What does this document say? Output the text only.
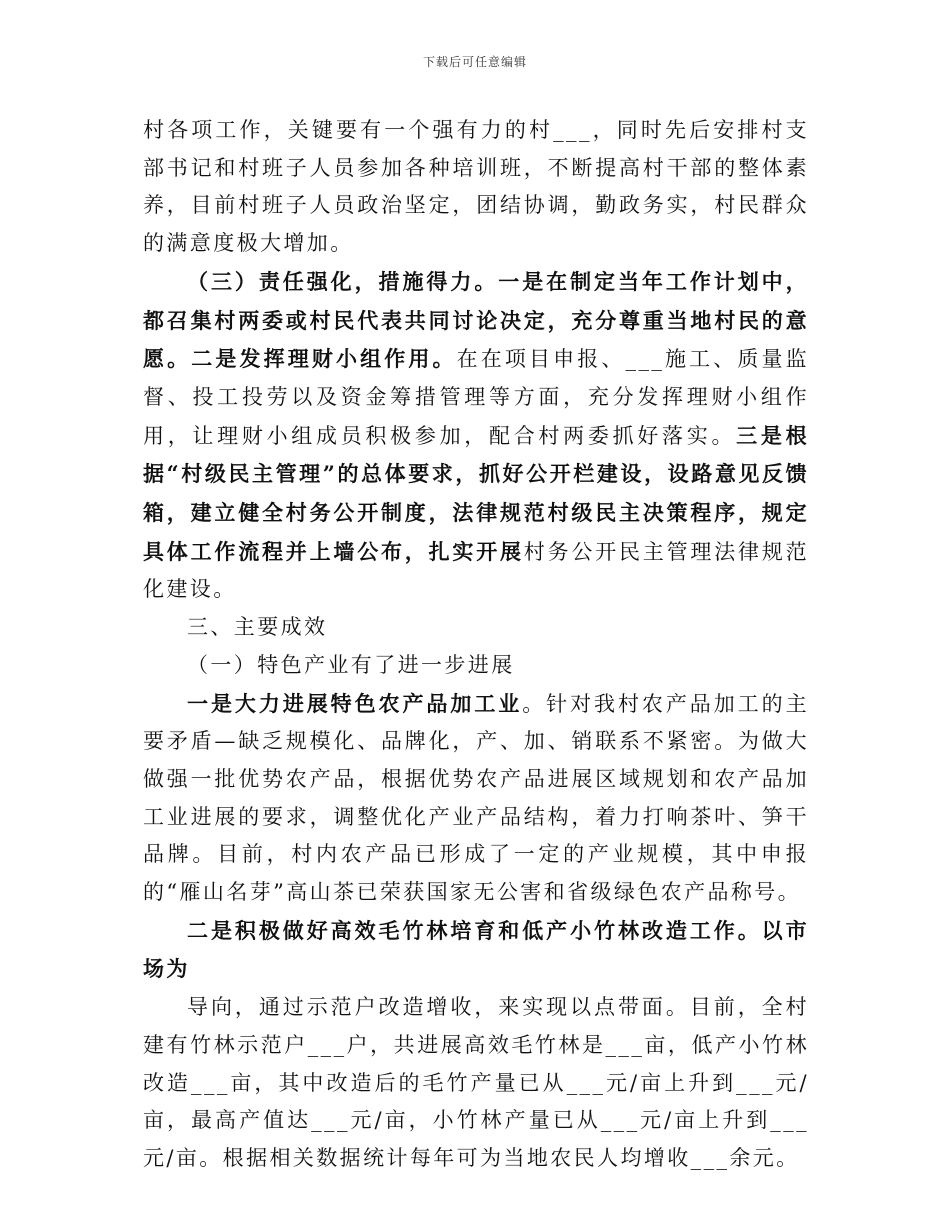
下载后可任意编辑

村各项工作，关键要有一个强有力的村___，同时先后安排村支部书记和村班子人员参加各种培训班，不断提高村干部的整体素养，目前村班子人员政治坚定，团结协调，勤政务实，村民群众的满意度极大增加。

（三）责任强化，措施得力。一是在制定当年工作计划中，都召集村两委或村民代表共同讨论决定，充分尊重当地村民的意愿。二是发挥理财小组作用。在在项目申报、___施工、质量监督、投工投劳以及资金筹措管理等方面，充分发挥理财小组作用，让理财小组成员积极参加，配合村两委抓好落实。三是根据“村级民主管理”的总体要求，抓好公开栏建设，设路意见反馈箱，建立健全村务公开制度，法律规范村级民主决策程序，规定具体工作流程并上墙公布，扎实开展村务公开民主管理法律规范化建设。

三、主要成效

（一）特色产业有了进一步进展

一是大力进展特色农产品加工业。针对我村农产品加工的主要矛盾—缺乏规模化、品牌化，产、加、销联系不紧密。为做大做强一批优势农产品，根据优势农产品进展区域规划和农产品加工业进展的要求，调整优化产业产品结构，着力打响茶叶、笋干品牌。目前，村内农产品已形成了一定的产业规模，其中申报的“雁山名芽”高山茶已荣获国家无公害和省级绿色农产品称号。

二是积极做好高效毛竹林培育和低产小竹林改造工作。以市场为

导向，通过示范户改造增收，来实现以点带面。目前，全村建有竹林示范户___户，共进展高效毛竹林是___亩，低产小竹林改造___亩，其中改造后的毛竹产量已从___元/亩上升到___元/亩，最高产值达___元/亩，小竹林产量已从___元/亩上升到___元/亩。根据相关数据统计每年可为当地农民人均增收___余元。
